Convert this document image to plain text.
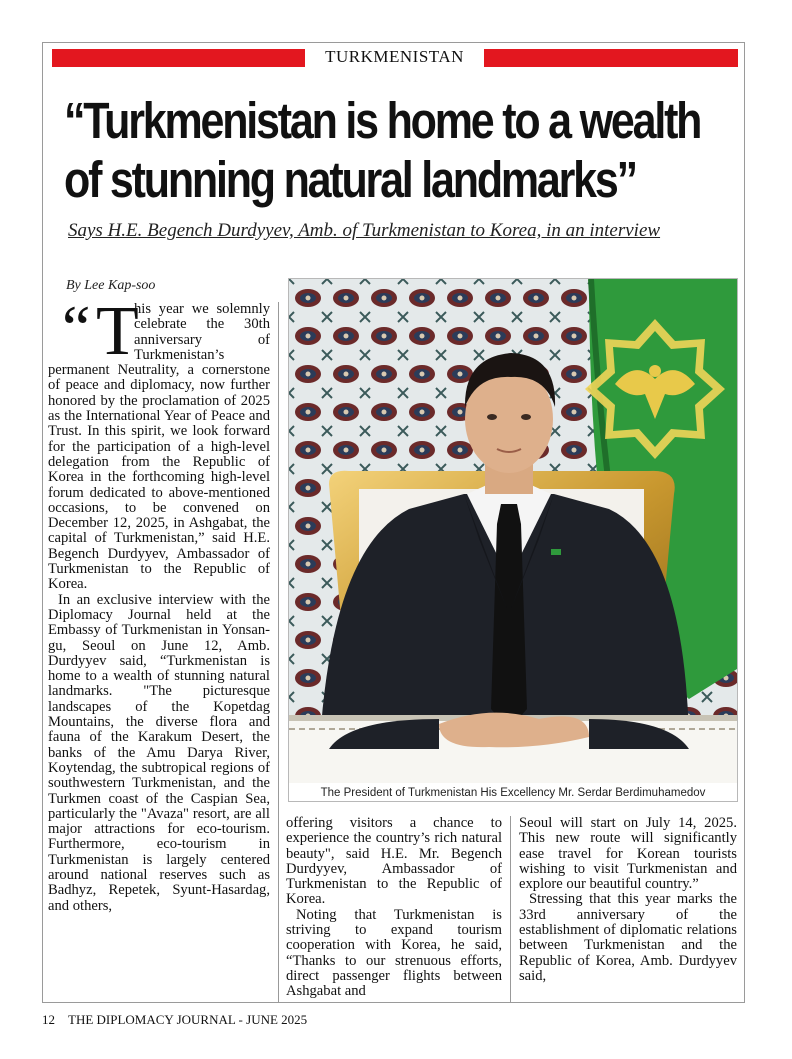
TURKMENISTAN
“Turkmenistan is home to a wealth of stunning natural landmarks”

Says H.E. Begench Durdyyev, Amb. of Turkmenistan to Korea, in an interview

By Lee Kap-soo
“ T

his year we solemnly celebrate the 30th anniversary of Turkmenistan’s permanent Neutrality, a cornerstone of peace and diplomacy, now further honored by the proclamation of 2025 as the International Year of Peace and Trust. In this spirit, we look forward for the participation of a high-level delegation from the Republic of Korea in the forthcoming high-level forum dedicated to above-mentioned occasions, to be convened on December 12, 2025, in Ashgabat, the capital of Turkmenistan,” said H.E. Begench Durdyyev, Ambassador of Turkmenistan to the Republic of Korea.

In an exclusive interview with the Diplomacy Journal held at the Embassy of Turkmenistan in Yonsan-gu, Seoul on June 12, Amb. Durdyyev said, “Turkmenistan is home to a wealth of stunning natural landmarks. "The picturesque landscapes of the Kopetdag Mountains, the diverse flora and fauna of the Karakum Desert, the banks of the Amu Darya River, Koytendag, the subtropical regions of southwestern Turkmenistan, and the Turkmen coast of the Caspian Sea, particularly the "Avaza" resort, are all major attractions for eco-tourism. Furthermore, eco-tourism in Turkmenistan is largely centered around national reserves such as Badhyz, Repetek, Syunt-Hasardag, and others,

The President of Turkmenistan His Excellency Mr. Serdar Berdimuhamedov

offering visitors a chance to experience the country’s rich natural beauty", said H.E. Mr. Begench Durdyyev, Ambassador of Turkmenistan to the Republic of Korea.

Noting that Turkmenistan is striving to expand tourism cooperation with Korea, he said, “Thanks to our strenuous efforts, direct passenger flights between Ashgabat and

Seoul will start on July 14, 2025. This new route will significantly ease travel for Korean tourists wishing to visit Turkmenistan and explore our beautiful country.”

Stressing that this year marks the 33rd anniversary of the establishment of diplomatic relations between Turkmenistan and the Republic of Korea, Amb. Durdyyev said,

12 THE DIPLOMACY JOURNAL - JUNE 2025
